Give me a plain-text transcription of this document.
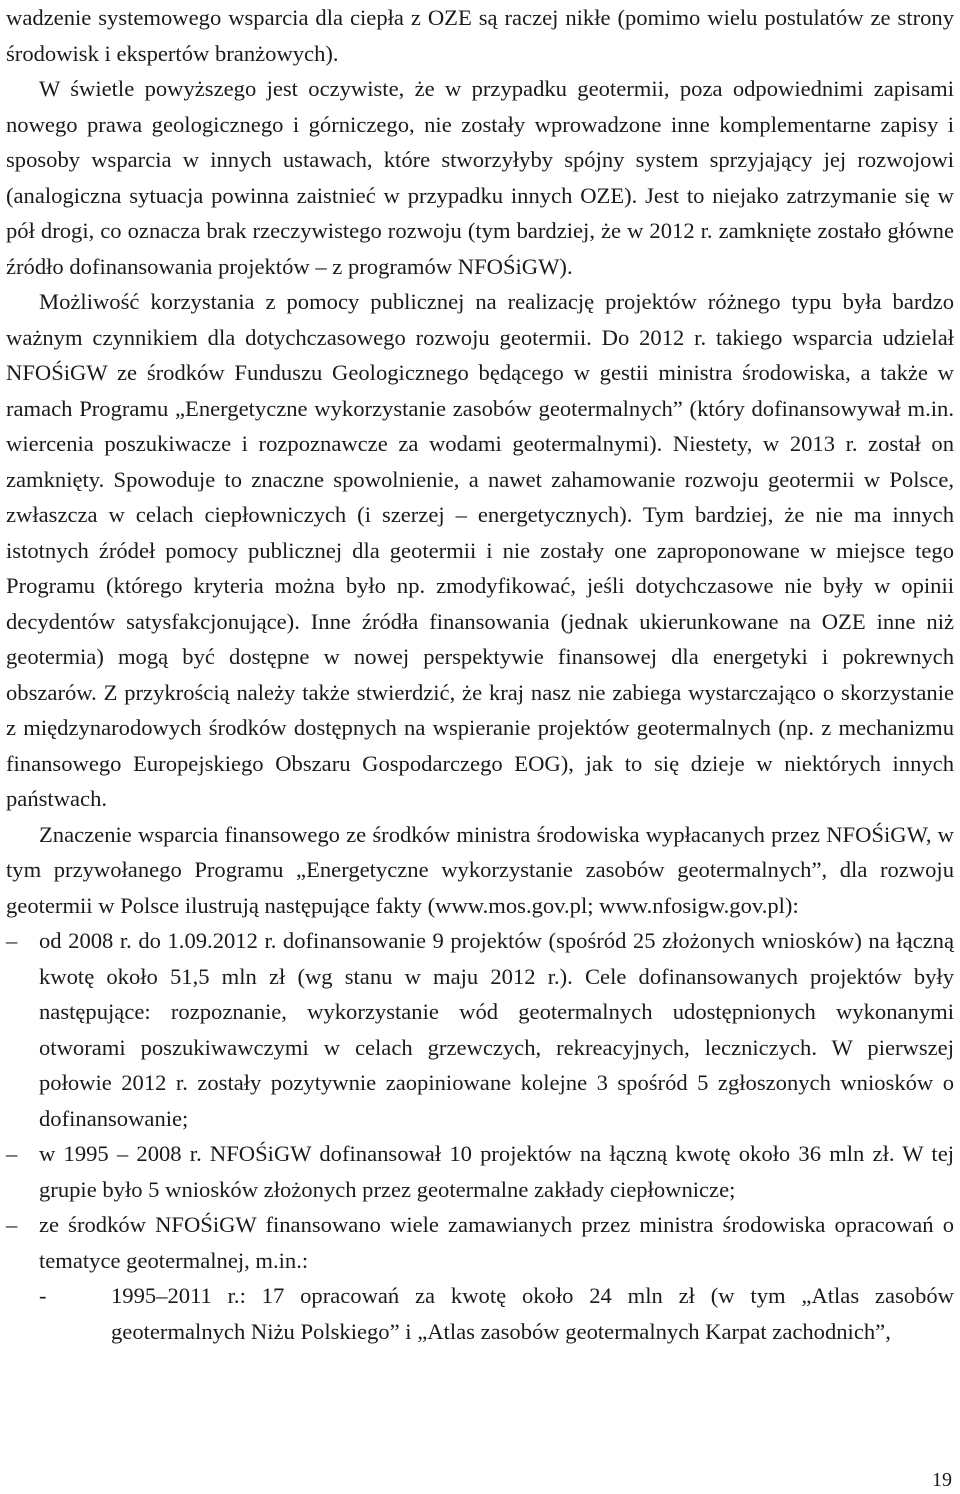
wadzenie systemowego wsparcia dla ciepła z OZE są raczej nikłe (pomimo wielu postulatów ze strony środowisk i ekspertów branżowych).

W świetle powyższego jest oczywiste, że w przypadku geotermii, poza odpowiednimi zapisami nowego prawa geologicznego i górniczego, nie zostały wprowadzone inne komplementarne zapisy i sposoby wsparcia w innych ustawach, które stworzyłyby spójny system sprzyjający jej rozwojowi (analogiczna sytuacja powinna zaistnieć w przypadku innych OZE). Jest to niejako zatrzymanie się w pół drogi, co oznacza brak rzeczywistego rozwoju (tym bardziej, że w 2012 r. zamknięte zostało główne źródło dofinansowania projektów – z programów NFOŚiGW).

Możliwość korzystania z pomocy publicznej na realizację projektów różnego typu była bardzo ważnym czynnikiem dla dotychczasowego rozwoju geotermii. Do 2012 r. takiego wsparcia udzielał NFOŚiGW ze środków Funduszu Geologicznego będącego w gestii ministra środowiska, a także w ramach Programu „Energetyczne wykorzystanie zasobów geotermalnych” (który dofinansowywał m.in. wiercenia poszukiwacze i rozpoznawcze za wodami geotermalnymi). Niestety, w 2013 r. został on zamknięty. Spowoduje to znaczne spowolnienie, a nawet zahamowanie rozwoju geotermii w Polsce, zwłaszcza w celach ciepłowniczych (i szerzej – energetycznych). Tym bardziej, że nie ma innych istotnych źródeł pomocy publicznej dla geotermii i nie zostały one zaproponowane w miejsce tego Programu (którego kryteria można było np. zmodyfikować, jeśli dotychczasowe nie były w opinii decydentów satysfakcjonujące). Inne źródła finansowania (jednak ukierunkowane na OZE inne niż geotermia) mogą być dostępne w nowej perspektywie finansowej dla energetyki i pokrewnych obszarów. Z przykrością należy także stwierdzić, że kraj nasz nie zabiega wystarczająco o skorzystanie z międzynarodowych środków dostępnych na wspieranie projektów geotermalnych (np. z mechanizmu finansowego Europejskiego Obszaru Gospodarczego EOG), jak to się dzieje w niektórych innych państwach.

Znaczenie wsparcia finansowego ze środków ministra środowiska wypłacanych przez NFOŚiGW, w tym przywołanego Programu „Energetyczne wykorzystanie zasobów geotermalnych”, dla rozwoju geotermii w Polsce ilustrują następujące fakty (www.mos.gov.pl; www.nfosigw.gov.pl):

– od 2008 r. do 1.09.2012 r. dofinansowanie 9 projektów (spośród 25 złożonych wniosków) na łączną kwotę około 51,5 mln zł (wg stanu w maju 2012 r.). Cele dofinansowanych projektów były następujące: rozpoznanie, wykorzystanie wód geotermalnych udostępnionych wykonanymi otworami poszukiwawczymi w celach grzewczych, rekreacyjnych, leczniczych. W pierwszej połowie 2012 r. zostały pozytywnie zaopiniowane kolejne 3 spośród 5 zgłoszonych wniosków o dofinansowanie;
– w 1995 – 2008 r. NFOŚiGW dofinansował 10 projektów na łączną kwotę około 36 mln zł. W tej grupie było 5 wniosków złożonych przez geotermalne zakłady ciepłownicze;
– ze środków NFOŚiGW finansowano wiele zamawianych przez ministra środowiska opracowań o tematyce geotermalnej, m.in.:
-	1995–2011 r.: 17 opracowań za kwotę około 24 mln zł (w tym „Atlas zasobów geotermalnych Niżu Polskiego” i „Atlas zasobów geotermalnych Karpat zachodnich”,
19
